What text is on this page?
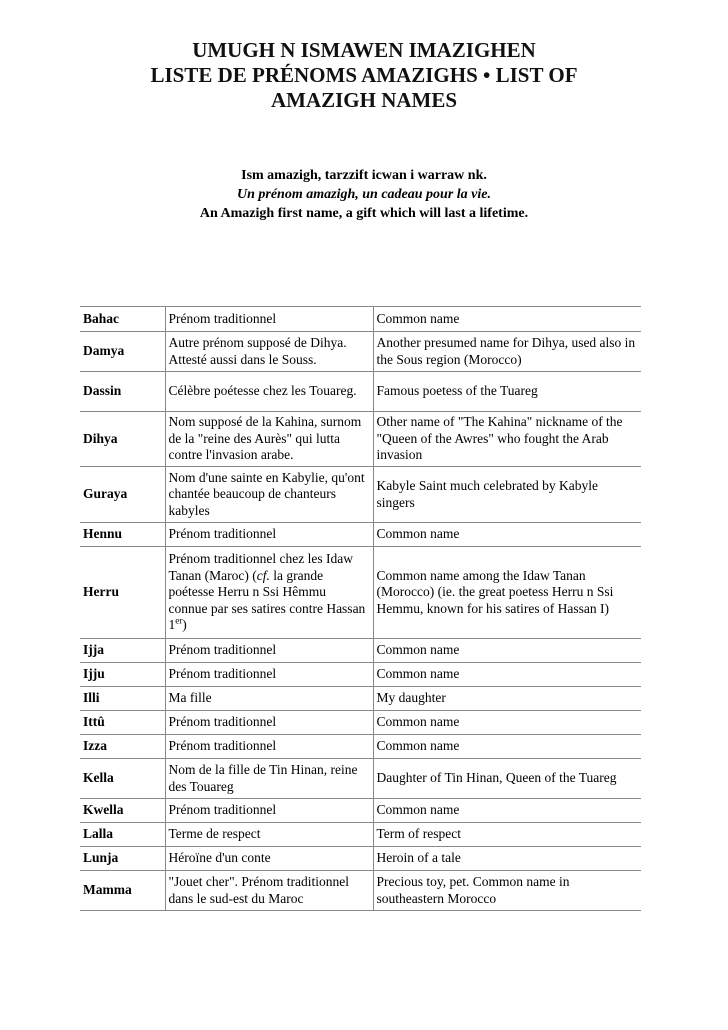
UMUGH N ISMAWEN IMAZIGHEN
LISTE DE PRÉNOMS AMAZIGHS • LIST OF
AMAZIGH NAMES
Ism amazigh, tarzzift icwan i warraw nk.
Un prénom amazigh, un cadeau pour la vie.
An Amazigh first name, a gift which will last a lifetime.
Bahac	Prénom traditionnel	Common name
Damya	Autre prénom supposé de Dihya. Attesté aussi dans le Souss.	Another presumed name for Dihya, used also in the Sous region (Morocco)
Dassin	Célèbre poétesse chez les Touareg.	Famous poetess of the Tuareg
Dihya	Nom supposé de la Kahina, surnom de la "reine des Aurès" qui lutta contre l'invasion arabe.	Other name of "The Kahina" nickname of the "Queen of the Awres" who fought the Arab invasion
Guraya	Nom d'une sainte en Kabylie, qu'ont chantée beaucoup de chanteurs kabyles	Kabyle Saint much celebrated by Kabyle singers
Hennu	Prénom traditionnel	Common name
Herru	Prénom traditionnel chez les Idaw Tanan (Maroc) (cf. la grande poétesse Herru n Ssi Hêmmu connue par ses satires contre Hassan 1er)	Common name among the Idaw Tanan (Morocco) (ie. the great poetess Herru n Ssi Hemmu, known for his satires of Hassan I)
Ijja	Prénom traditionnel	Common name
Ijju	Prénom traditionnel	Common name
Illi	Ma fille	My daughter
Ittû	Prénom traditionnel	Common name
Izza	Prénom traditionnel	Common name
Kella	Nom de la fille de Tin Hinan, reine des Touareg	Daughter of Tin Hinan, Queen of the Tuareg
Kwella	Prénom traditionnel	Common name
Lalla	Terme de respect	Term of respect
Lunja	Héroïne d'un conte	Heroin of a tale
Mamma	"Jouet cher". Prénom traditionnel dans le sud-est du Maroc	Precious toy, pet. Common name in southeastern Morocco
